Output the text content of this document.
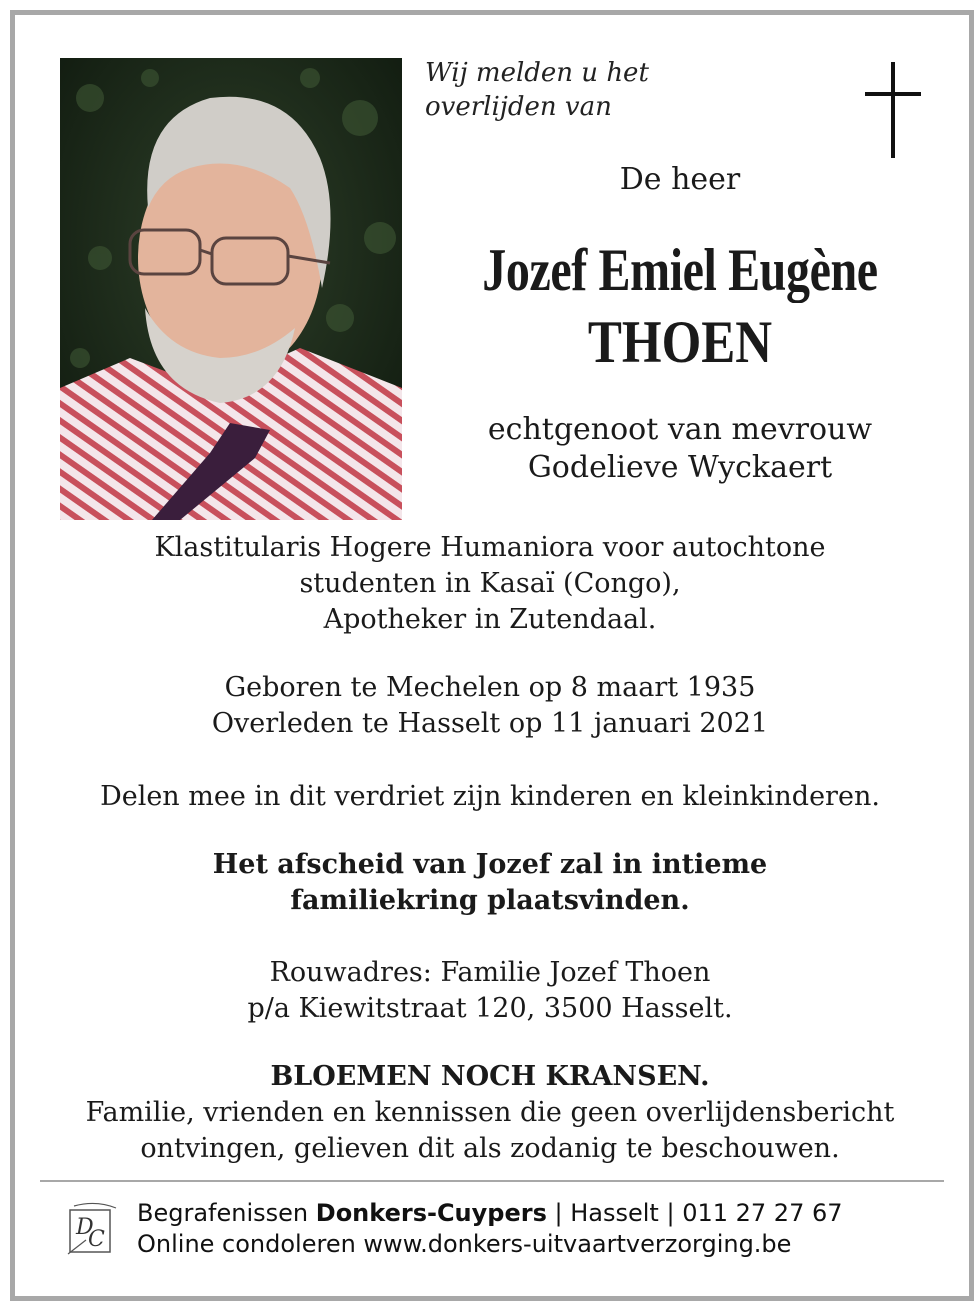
Wij melden u het
overlijden van
De heer
Jozef Emiel Eugène
THOEN
echtgenoot van mevrouw
Godelieve Wyckaert
Klastitularis Hogere Humaniora voor autochtone
studenten in Kasaï (Congo),
Apotheker in Zutendaal.
Geboren te Mechelen op 8 maart 1935
Overleden te Hasselt op 11 januari 2021
Delen mee in dit verdriet zijn kinderen en kleinkinderen.
Het afscheid van Jozef zal in intieme
familiekring plaatsvinden.
Rouwadres: Familie Jozef Thoen
p/a Kiewitstraat 120, 3500 Hasselt.
BLOEMEN NOCH KRANSEN.
Familie, vrienden en kennissen die geen overlijdensbericht
ontvingen, gelieven dit als zodanig te beschouwen.
D
C
Begrafenissen Donkers-Cuypers | Hasselt | 011 27 27 67
Online condoleren www.donkers-uitvaartverzorging.be
